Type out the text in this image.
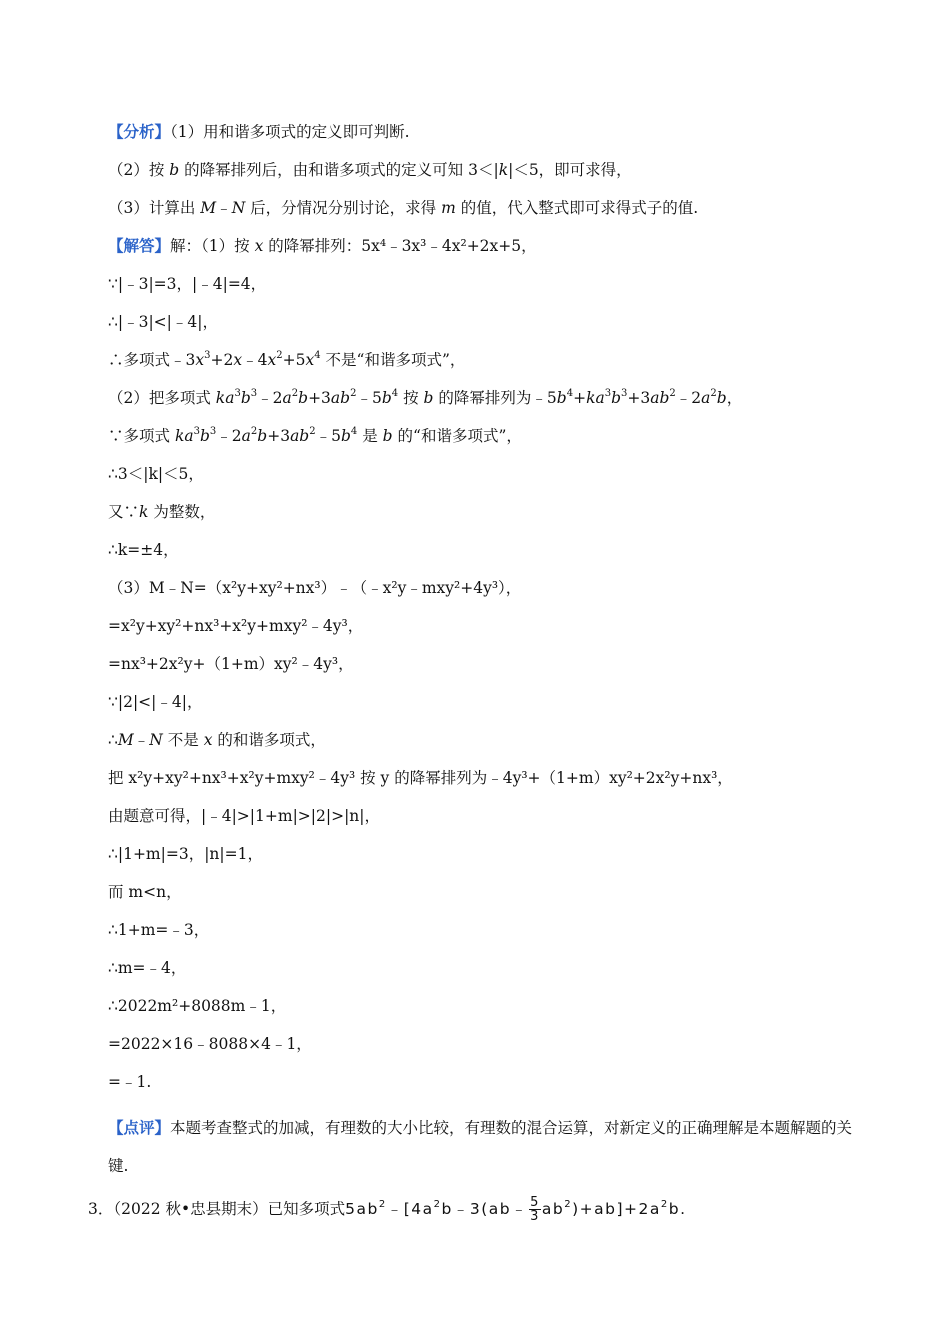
【分析】（1）用和谐多项式的定义即可判断.
（2）按 b 的降幂排列后，由和谐多项式的定义可知 3＜|k|＜5，即可求得，
（3）计算出 M﹣N 后，分情况分别讨论，求得 m 的值，代入整式即可求得式子的值.
【解答】解：（1）按 x 的降幂排列：5x⁴﹣3x³﹣4x²+2x+5，
∵|﹣3|=3，|﹣4|=4，
∴|﹣3|<|﹣4|，
∴多项式$﹣3x^3+2x﹣4x^2+5x^4$ 不是“和谐多项式”，
（2）把多项式 $ka^3b^3﹣2a^2b+3ab^2﹣5b^4$ 按 b 的降幂排列为$﹣5b^4+ka^3b^3+3ab^2﹣2a^2b$，
∵多项式 $ka^3b^3﹣2a^2b+3ab^2﹣5b^4$ 是 b 的“和谐多项式”，
∴3＜|k|＜5，
又∵k 为整数，
∴k=±4，
（3）M﹣N=（x²y+xy²+nx³）﹣（﹣x²y﹣mxy²+4y³），
=x²y+xy²+nx³+x²y+mxy²﹣4y³，
=nx³+2x²y+（1+m）xy²﹣4y³，
∵|2|<|﹣4|，
∴M﹣N 不是 x 的和谐多项式，
把 x²y+xy²+nx³+x²y+mxy²﹣4y³ 按 y 的降幂排列为﹣4y³+（1+m）xy²+2x²y+nx³，
由题意可得，|﹣4|>|1+m|>|2|>|n|，
∴|1+m|=3，|n|=1，
而 m<n，
∴1+m=﹣3，
∴m=﹣4，
∴2022m²+8088m﹣1，
=2022×16﹣8088×4﹣1，
=﹣1.
【点评】本题考查整式的加减，有理数的大小比较，有理数的混合运算，对新定义的正确理解是本题解题的关键.
3．（2022 秋•忠县期末）已知多项式$5ab^2﹣[4a^2b﹣3(ab﹣ \frac{5}{3} ab^2)+ab]+2a^2b$.
